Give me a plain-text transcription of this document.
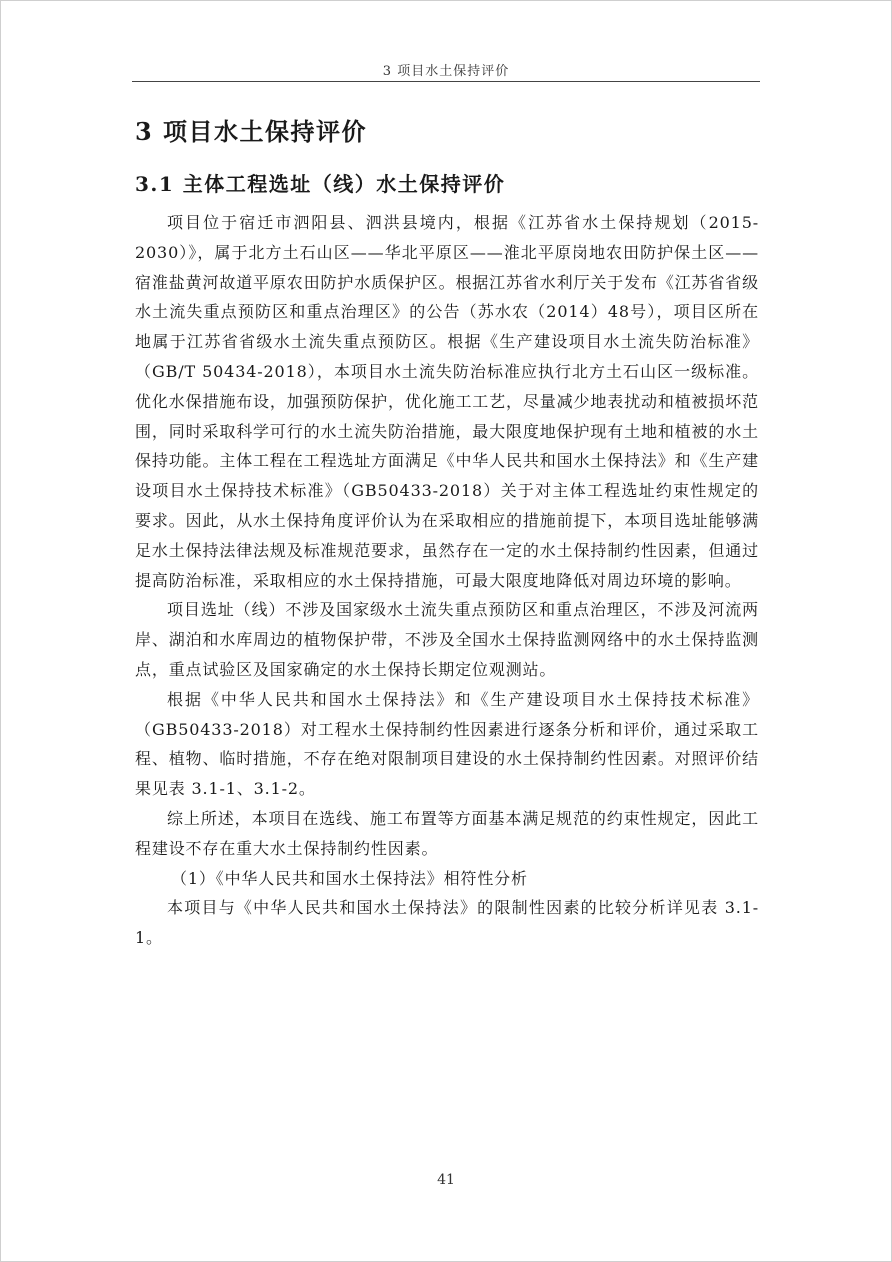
3 项目水土保持评价
3 项目水土保持评价
3.1 主体工程选址（线）水土保持评价

项目位于宿迁市泗阳县、泗洪县境内，根据《江苏省水土保持规划（2015-2030）》，属于北方土石山区——华北平原区——淮北平原岗地农田防护保土区——宿淮盐黄河故道平原农田防护水质保护区。根据江苏省水利厅关于发布《江苏省省级水土流失重点预防区和重点治理区》的公告（苏水农（2014）48号），项目区所在地属于江苏省省级水土流失重点预防区。根据《生产建设项目水土流失防治标准》（GB/T 50434-2018），本项目水土流失防治标准应执行北方土石山区一级标准。优化水保措施布设，加强预防保护，优化施工工艺，尽量减少地表扰动和植被损坏范围，同时采取科学可行的水土流失防治措施，最大限度地保护现有土地和植被的水土保持功能。主体工程在工程选址方面满足《中华人民共和国水土保持法》和《生产建设项目水土保持技术标准》（GB50433-2018）关于对主体工程选址约束性规定的要求。因此，从水土保持角度评价认为在采取相应的措施前提下，本项目选址能够满足水土保持法律法规及标准规范要求，虽然存在一定的水土保持制约性因素，但通过提高防治标准，采取相应的水土保持措施，可最大限度地降低对周边环境的影响。

项目选址（线）不涉及国家级水土流失重点预防区和重点治理区，不涉及河流两岸、湖泊和水库周边的植物保护带，不涉及全国水土保持监测网络中的水土保持监测点，重点试验区及国家确定的水土保持长期定位观测站。

根据《中华人民共和国水土保持法》和《生产建设项目水土保持技术标准》（GB50433-2018）对工程水土保持制约性因素进行逐条分析和评价，通过采取工程、植物、临时措施，不存在绝对限制项目建设的水土保持制约性因素。对照评价结果见表 3.1-1、3.1-2。

综上所述，本项目在选线、施工布置等方面基本满足规范的约束性规定，因此工程建设不存在重大水土保持制约性因素。

（1）《中华人民共和国水土保持法》相符性分析

本项目与《中华人民共和国水土保持法》的限制性因素的比较分析详见表 3.1-1。

41
